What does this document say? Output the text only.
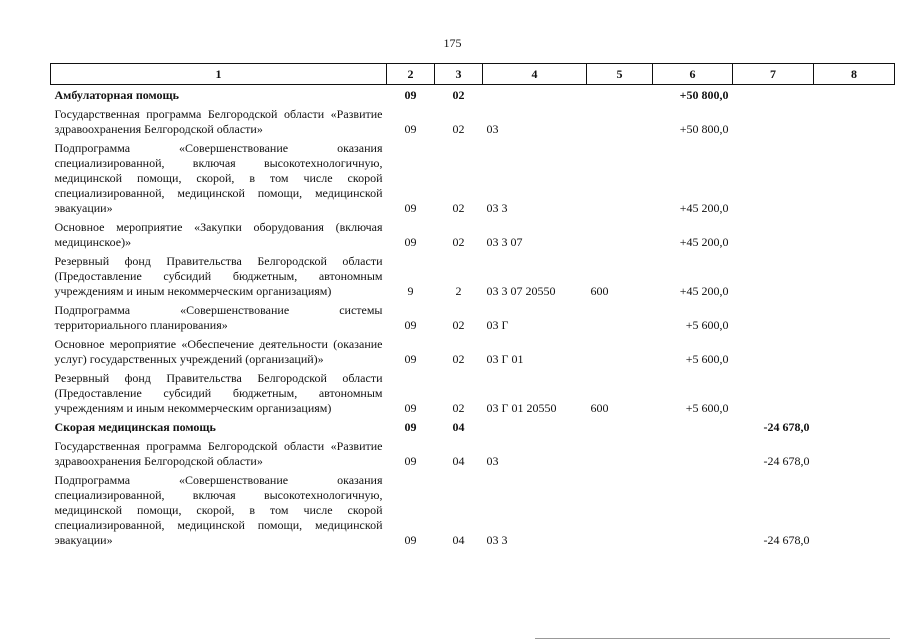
175
1	2	3	4	5	6	7	8
Амбулаторная помощь	09	02			+50 800,0		
Государственная программа Белгородской области «Развитие здравоохранения Белгородской области»	09	02	03		+50 800,0		
Подпрограмма «Совершенствование оказания специализированной, включая высокотехнологичную, медицинской помощи, скорой, в том числе скорой специализированной, медицинской помощи, медицинской эвакуации»	09	02	03 3		+45 200,0		
Основное мероприятие «Закупки оборудования (включая медицинское)»	09	02	03 3 07		+45 200,0		
Резервный фонд Правительства Белгородской области (Предоставление субсидий бюджетным, автономным учреждениям и иным некоммерческим организациям)	9	2	03 3 07 20550	600	+45 200,0		
Подпрограмма «Совершенствование системы территориального планирования»	09	02	03 Г		+5 600,0		
Основное мероприятие «Обеспечение деятельности (оказание услуг) государственных учреждений (организаций)»	09	02	03 Г 01		+5 600,0		
Резервный фонд Правительства Белгородской области (Предоставление субсидий бюджетным, автономным учреждениям и иным некоммерческим организациям)	09	02	03 Г 01 20550	600	+5 600,0		
Скорая медицинская помощь	09	04				-24 678,0	
Государственная программа Белгородской области «Развитие здравоохранения Белгородской области»	09	04	03			-24 678,0	
Подпрограмма «Совершенствование оказания специализированной, включая высокотехнологичную, медицинской помощи, скорой, в том числе скорой специализированной, медицинской помощи, медицинской эвакуации»	09	04	03 3			-24 678,0	
